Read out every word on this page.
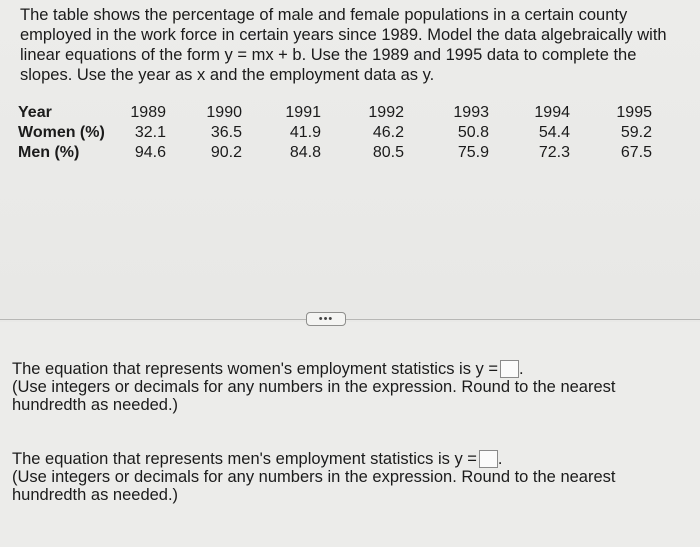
The table shows the percentage of male and female populations in a certain county

employed in the work force in certain years since 1989. Model the data algebraically with

linear equations of the form y = mx + b. Use the 1989 and 1995 data to complete the

slopes. Use the year as x and the employment data as y.

Year	1989	1990	1991	1992	1993	1994	1995
Women (%)	32.1	36.5	41.9	46.2	50.8	54.4	59.2
Men (%)	94.6	90.2	84.8	80.5	75.9	72.3	67.5
•••

The equation that represents women's employment statistics is y = .

(Use integers or decimals for any numbers in the expression. Round to the nearest

hundredth as needed.)

The equation that represents men's employment statistics is y = .

(Use integers or decimals for any numbers in the expression. Round to the nearest

hundredth as needed.)
